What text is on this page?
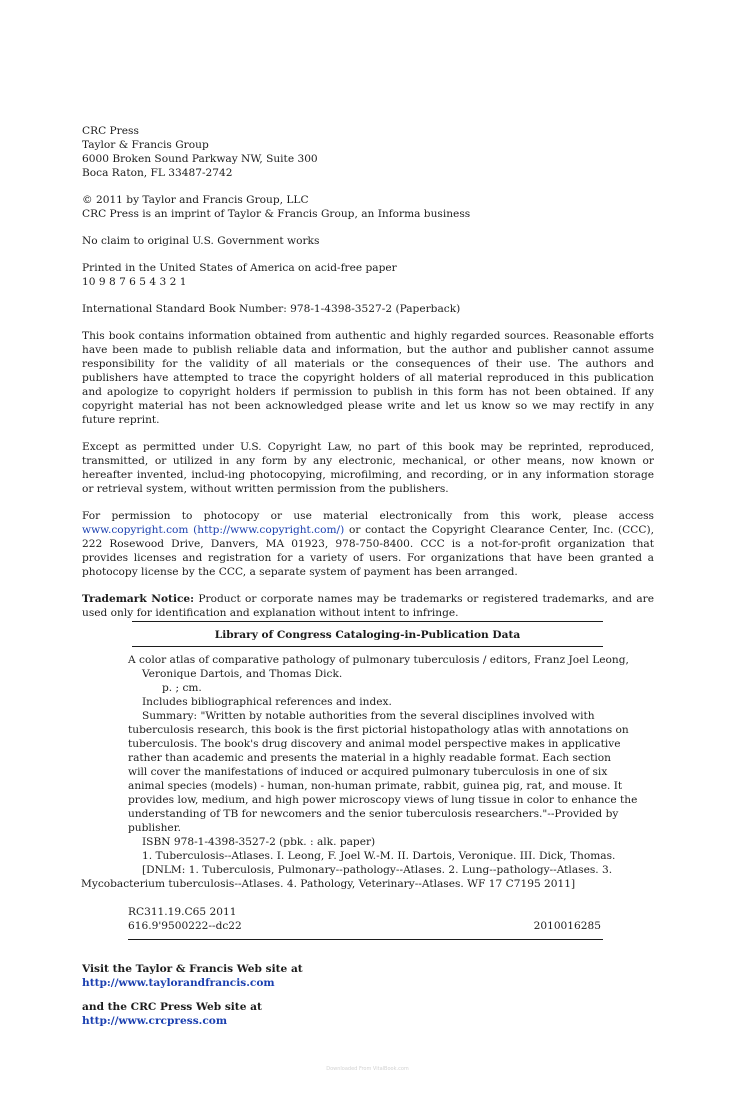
CRC Press
Taylor & Francis Group
6000 Broken Sound Parkway NW, Suite 300
Boca Raton, FL 33487-2742
© 2011 by Taylor and Francis Group, LLC
CRC Press is an imprint of Taylor & Francis Group, an Informa business
No claim to original U.S. Government works
Printed in the United States of America on acid-free paper
10 9 8 7 6 5 4 3 2 1
International Standard Book Number: 978-1-4398-3527-2 (Paperback)
This book contains information obtained from authentic and highly regarded sources. Reasonable efforts have been made to publish reliable data and information, but the author and publisher cannot assume responsibility for the validity of all materials or the consequences of their use. The authors and publishers have attempted to trace the copyright holders of all material reproduced in this publication and apologize to copyright holders if permission to publish in this form has not been obtained. If any copyright material has not been acknowledged please write and let us know so we may rectify in any future reprint.
Except as permitted under U.S. Copyright Law, no part of this book may be reprinted, reproduced, transmitted, or utilized in any form by any electronic, mechanical, or other means, now known or hereafter invented, includ-ing photocopying, microfilming, and recording, or in any information storage or retrieval system, without written permission from the publishers.
For permission to photocopy or use material electronically from this work, please access www.copyright.com (http://www.copyright.com/) or contact the Copyright Clearance Center, Inc. (CCC), 222 Rosewood Drive, Danvers, MA 01923, 978-750-8400. CCC is a not-for-profit organization that provides licenses and registration for a variety of users. For organizations that have been granted a photocopy license by the CCC, a separate system of payment has been arranged.
Trademark Notice: Product or corporate names may be trademarks or registered trademarks, and are used only for identification and explanation without intent to infringe.
Library of Congress Cataloging-in-Publication Data
A color atlas of comparative pathology of pulmonary tuberculosis / editors, Franz Joel Leong,
Veronique Dartois, and Thomas Dick.
p. ; cm.
Includes bibliographical references and index.
Summary: "Written by notable authorities from the several disciplines involved with
tuberculosis research, this book is the first pictorial histopathology atlas with annotations on
tuberculosis. The book's drug discovery and animal model perspective makes in applicative
rather than academic and presents the material in a highly readable format. Each section
will cover the manifestations of induced or acquired pulmonary tuberculosis in one of six
animal species (models) - human, non-human primate, rabbit, guinea pig, rat, and mouse. It
provides low, medium, and high power microscopy views of lung tissue in color to enhance the
understanding of TB for newcomers and the senior tuberculosis researchers."--Provided by
publisher.
ISBN 978-1-4398-3527-2 (pbk. : alk. paper)
1. Tuberculosis--Atlases. I. Leong, F. Joel W.-M. II. Dartois, Veronique. III. Dick, Thomas.
[DNLM: 1. Tuberculosis, Pulmonary--pathology--Atlases. 2. Lung--pathology--Atlases. 3.
Mycobacterium tuberculosis--Atlases. 4. Pathology, Veterinary--Atlases. WF 17 C7195 2011]
RC311.19.C65 2011
616.9'9500222--dc22	2010016285
Visit the Taylor & Francis Web site at
http://www.taylorandfrancis.com
and the CRC Press Web site at
http://www.crcpress.com
Downloaded From VitalBook.com
